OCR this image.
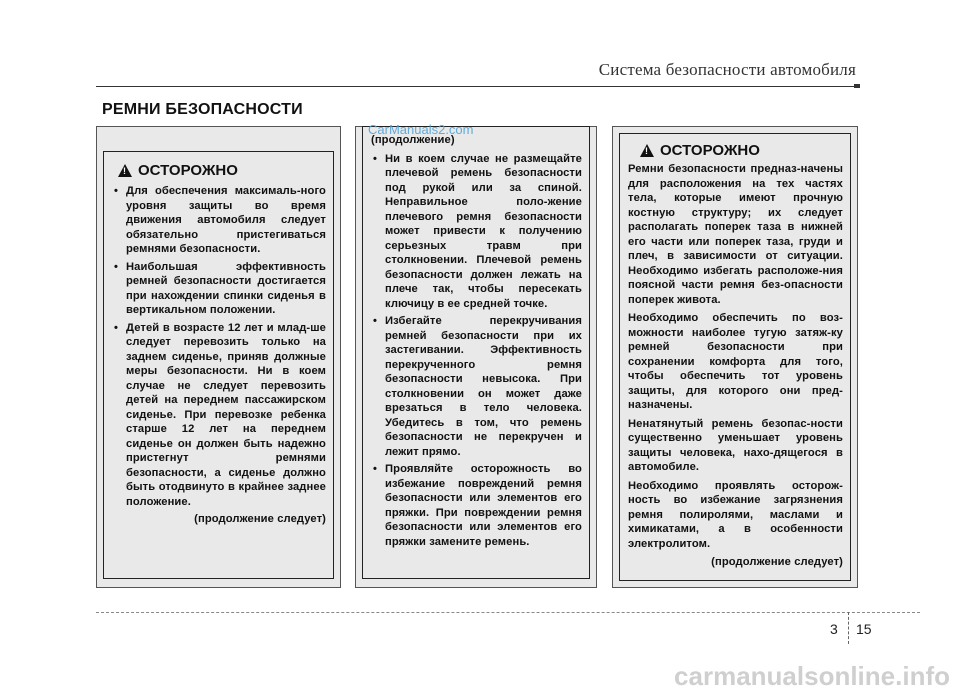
Система безопасности автомобиля
РЕМНИ БЕЗОПАСНОСТИ
! ОСТОРОЖНО
• Для обеспечения максималь-ного уровня защиты во время движения автомобиля следует обязательно пристегиваться ремнями безопасности.
• Наибольшая эффективность ремней безопасности достигается при нахождении спинки сиденья в вертикальном положении.
• Детей в возрасте 12 лет и млад-ше следует перевозить только на заднем сиденье, приняв должные меры безопасности. Ни в коем случае не следует перевозить детей на переднем пассажирском сиденье. При перевозке ребенка старше 12 лет на переднем сиденье он должен быть надежно пристегнут ремнями безопасности, а сиденье должно быть отодвинуто в крайнее заднее положение.
(продолжение следует)
(продолжение)
• Ни в коем случае не размещайте плечевой ремень безопасности под рукой или за спиной. Неправильное поло-жение плечевого ремня безопасности может привести к получению серьезных травм при столкновении. Плечевой ремень безопасности должен лежать на плече так, чтобы пересекать ключицу в ее средней точке.
• Избегайте перекручивания ремней безопасности при их застегивании. Эффективность перекрученного ремня безопасности невысока. При столкновении он может даже врезаться в тело человека. Убедитесь в том, что ремень безопасности не перекручен и лежит прямо.
• Проявляйте осторожность во избежание повреждений ремня безопасности или элементов его пряжки. При повреждении ремня безопасности или элементов его пряжки замените ремень.
! ОСТОРОЖНО
Ремни безопасности предназ-начены для расположения на тех частях тела, которые имеют прочную костную структуру; их следует располагать поперек таза в нижней его части или поперек таза, груди и плеч, в зависимости от ситуации. Необходимо избегать расположе-ния поясной части ремня без-опасности поперек живота.
Необходимо обеспечить по воз-можности наиболее тугую затяж-ку ремней безопасности при сохранении комфорта для того, чтобы обеспечить тот уровень защиты, для которого они пред-назначены.
Ненатянутый ремень безопас-ности существенно уменьшает уровень защиты человека, нахо-дящегося в автомобиле.
Необходимо проявлять осторож-ность во избежание загрязнения ремня полиролями, маслами и химикатами, а в особенности электролитом.
(продолжение следует)
CarManuals2.com
3 15
carmanualsonline.info
